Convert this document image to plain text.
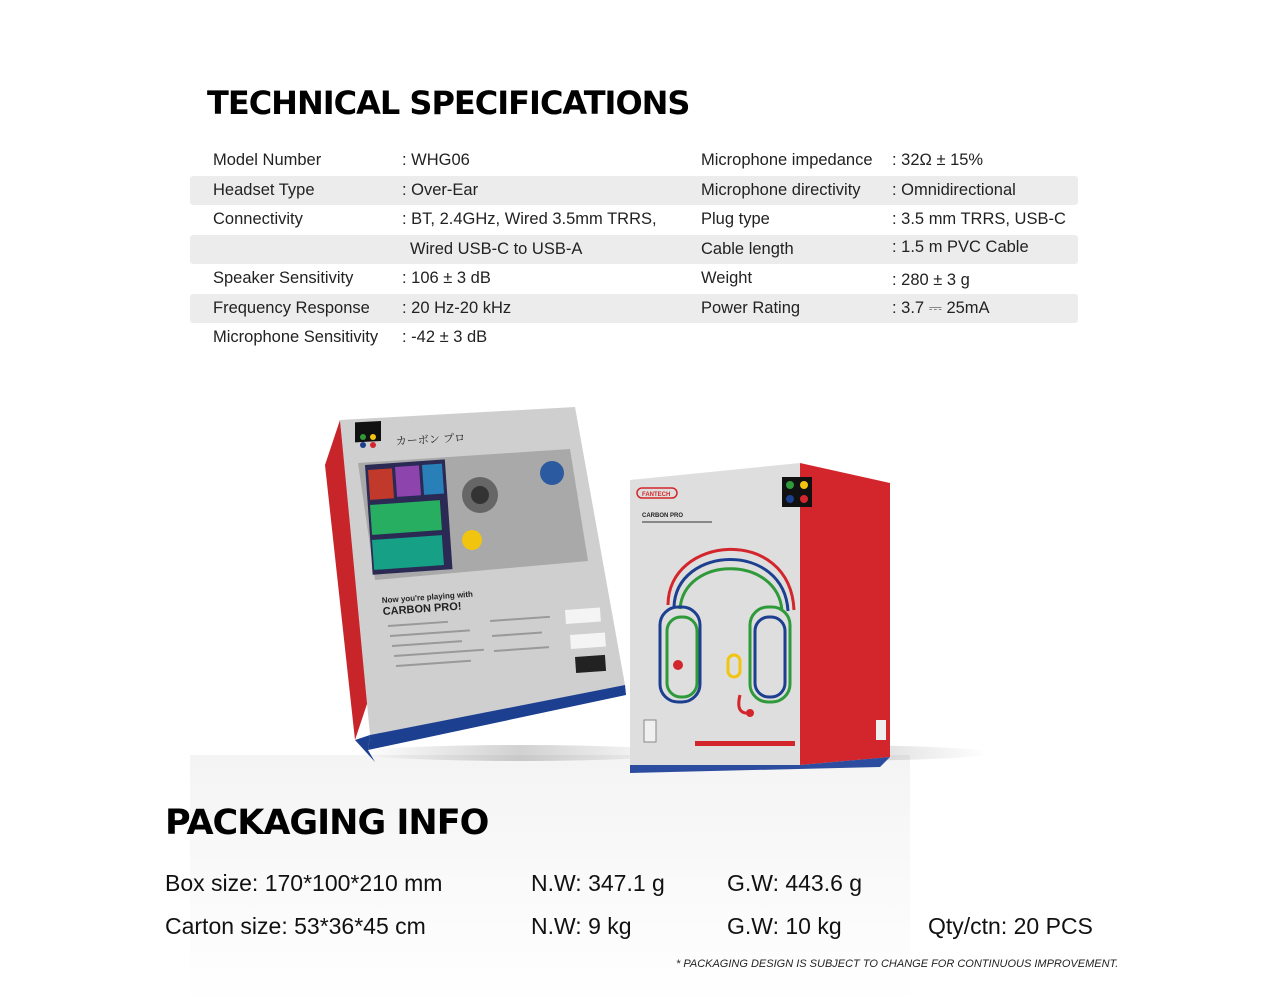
TECHNICAL SPECIFICATIONS
Model Number	: WHG06	Microphone impedance : 32Ω ± 15%
Headset Type	: Over-Ear	Microphone directivity : Omnidirectional
Connectivity	: BT, 2.4GHz, Wired 3.5mm TRRS,	Plug type	: 3.5 mm TRRS, USB-C
Wired USB-C to USB-A	Cable length	: 1.5 m PVC Cable
Speaker Sensitivity	: 106 ± 3 dB	Weight	: 280 ± 3 g
Frequency Response : 20 Hz-20 kHz	Power Rating	: 3.7 ⎓ 25mA
Microphone Sensitivity : -42 ± 3 dB
カーボン プロ
Now you're playing with
CARBON PRO!
FANTECH
CARBON PRO
PACKAGING INFO
Box size: 170*100*210 mm	N.W: 347.1 g	G.W: 443.6 g
Carton size: 53*36*45 cm	N.W: 9 kg	G.W: 10 kg	Qty/ctn: 20 PCS
* PACKAGING DESIGN IS SUBJECT TO CHANGE FOR CONTINUOUS IMPROVEMENT.
